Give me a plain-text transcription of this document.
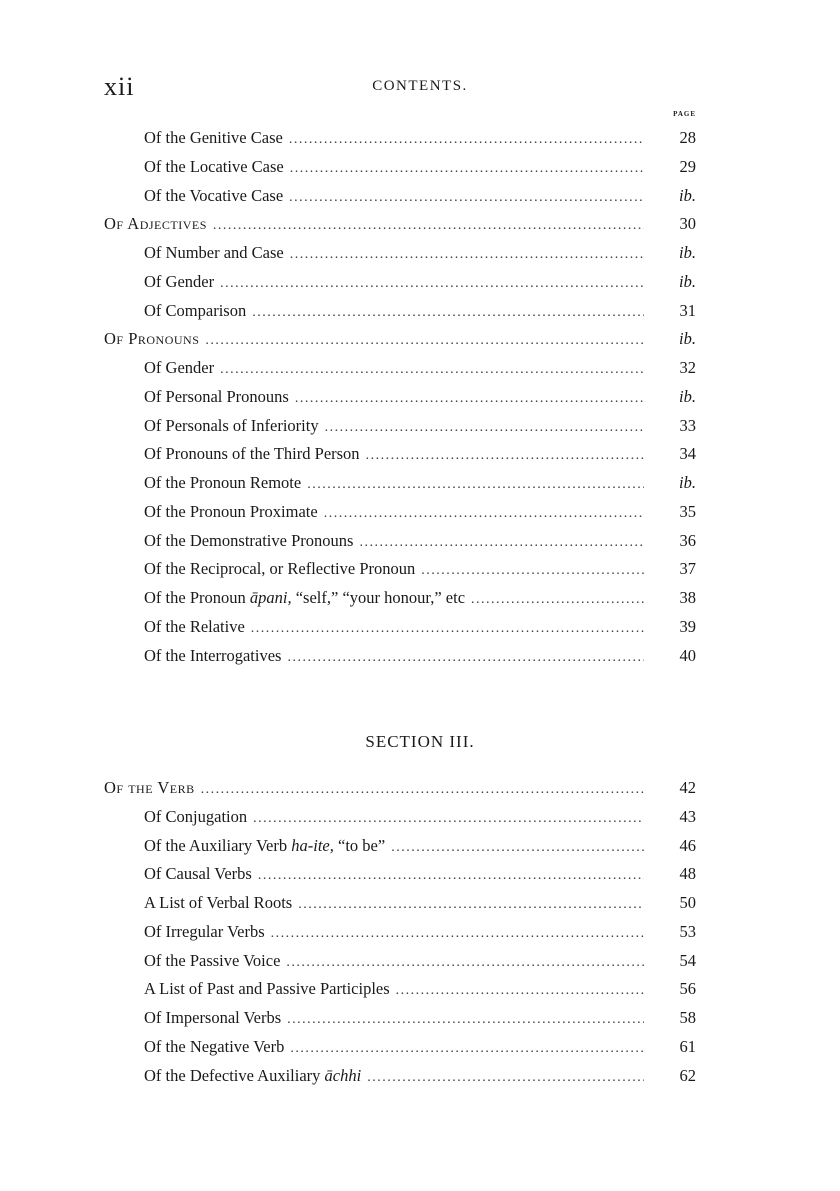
xii	CONTENTS.
PAGE
Of the Genitive Case .....	28
Of the Locative Case .....	29
Of the Vocative Case .....	ib.
Of Adjectives .....	30
Of Number and Case .....	ib.
Of Gender .....	ib.
Of Comparison .....	31
Of Pronouns .....	ib.
Of Gender .....	32
Of Personal Pronouns .....	ib.
Of Personals of Inferiority .....	33
Of Pronouns of the Third Person .....	34
Of the Pronoun Remote .....	ib.
Of the Pronoun Proximate .....	35
Of the Demonstrative Pronouns .....	36
Of the Reciprocal, or Reflective Pronoun .....	37
Of the Pronoun āpani, “self,” “your honour,” etc .....	38
Of the Relative .....	39
Of the Interrogatives .....	40
SECTION III.
Of the Verb .....	42
Of Conjugation .....	43
Of the Auxiliary Verb ha-ite, “to be” .....	46
Of Causal Verbs .....	48
A List of Verbal Roots .....	50
Of Irregular Verbs .....	53
Of the Passive Voice .....	54
A List of Past and Passive Participles .....	56
Of Impersonal Verbs .....	58
Of the Negative Verb .....	61
Of the Defective Auxiliary āchhi .....	62
